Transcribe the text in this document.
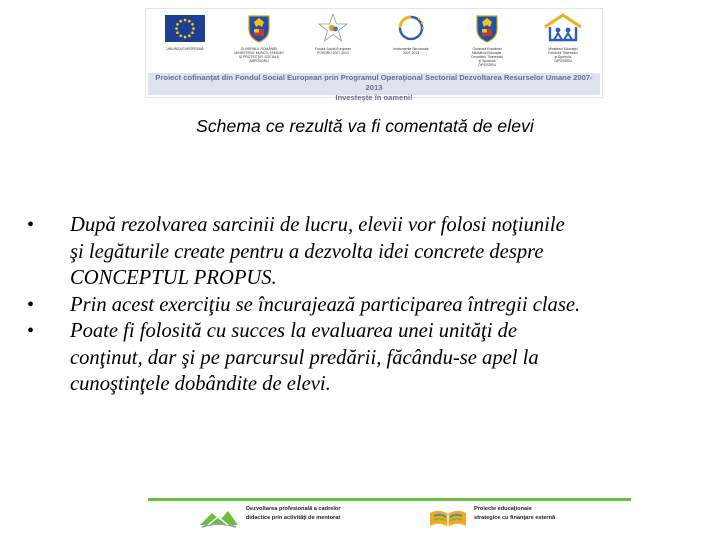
UNIUNEA EUROPEANĂ	GUVERNUL ROMÂNIEI
MINISTERUL MUNCII, FAMILIEI
ŞI PROTECŢIEI SOCIALE
AMPOSDRU
Fondul Social European
POSDRU 2007-2013
Instrumente Structurale
2007-2013
Guvernul României
Ministerul Educaţiei,
Cercetării, Tineretului
şi Sportului
OIPOSDRU
Ministerul Educaţiei
Fondului Tineretului
şi Sportului
OIPOSDRU
Proiect cofinanţat din Fondul Social European prin Programul Operaţional Sectorial Dezvoltarea Resurselor Umane 2007-2013
Investeşte în oameni!
Schema ce rezultă va fi comentată de elevi
• După rezolvarea sarcinii de lucru, elevii vor folosi noţiunile
şi legăturile create pentru a dezvolta idei concrete despre
CONCEPTUL PROPUS.
• Prin acest exerciţiu se încurajează participarea întregii clase.
• Poate fi folosită cu succes la evaluarea unei unităţi de
conţinut, dar şi pe parcursul predării, făcându-se apel la
cunoştinţele dobândite de elevi.
Dezvoltarea profesională a cadrelor
didactice prin activităţi de mentorat
Proiecte educaţionale
strategice cu finanţare externă
